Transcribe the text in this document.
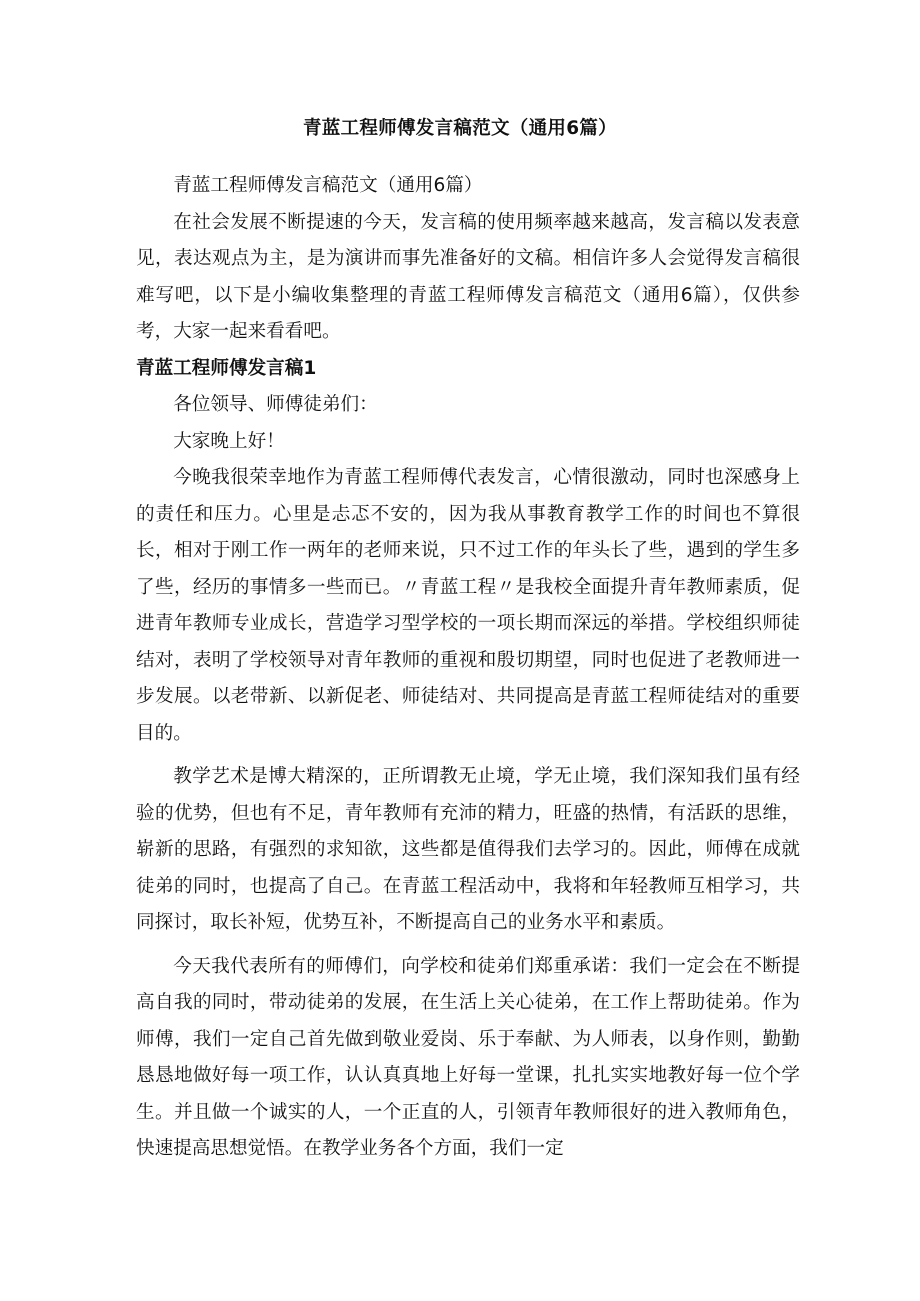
青蓝工程师傅发言稿范文（通用6篇）

青蓝工程师傅发言稿范文（通用6篇）

在社会发展不断提速的今天，发言稿的使用频率越来越高，发言稿以发表意见，表达观点为主，是为演讲而事先准备好的文稿。相信许多人会觉得发言稿很难写吧，以下是小编收集整理的青蓝工程师傅发言稿范文（通用6篇），仅供参考，大家一起来看看吧。

青蓝工程师傅发言稿1

各位领导、师傅徒弟们：

大家晚上好！

今晚我很荣幸地作为青蓝工程师傅代表发言，心情很激动，同时也深感身上的责任和压力。心里是忐忑不安的，因为我从事教育教学工作的时间也不算很长，相对于刚工作一两年的老师来说，只不过工作的年头长了些，遇到的学生多了些，经历的事情多一些而已。〃青蓝工程〃是我校全面提升青年教师素质，促进青年教师专业成长，营造学习型学校的一项长期而深远的举措。学校组织师徒结对，表明了学校领导对青年教师的重视和殷切期望，同时也促进了老教师进一步发展。以老带新、以新促老、师徒结对、共同提高是青蓝工程师徒结对的重要目的。

教学艺术是博大精深的，正所谓教无止境，学无止境，我们深知我们虽有经验的优势，但也有不足，青年教师有充沛的精力，旺盛的热情，有活跃的思维，崭新的思路，有强烈的求知欲，这些都是值得我们去学习的。因此，师傅在成就徒弟的同时，也提高了自己。在青蓝工程活动中，我将和年轻教师互相学习，共同探讨，取长补短，优势互补，不断提高自己的业务水平和素质。

今天我代表所有的师傅们，向学校和徒弟们郑重承诺：我们一定会在不断提高自我的同时，带动徒弟的发展，在生活上关心徒弟，在工作上帮助徒弟。作为师傅，我们一定自己首先做到敬业爱岗、乐于奉献、为人师表，以身作则，勤勤恳恳地做好每一项工作，认认真真地上好每一堂课，扎扎实实地教好每一位个学生。并且做一个诚实的人，一个正直的人，引领青年教师很好的进入教师角色，快速提高思想觉悟。在教学业务各个方面，我们一定
